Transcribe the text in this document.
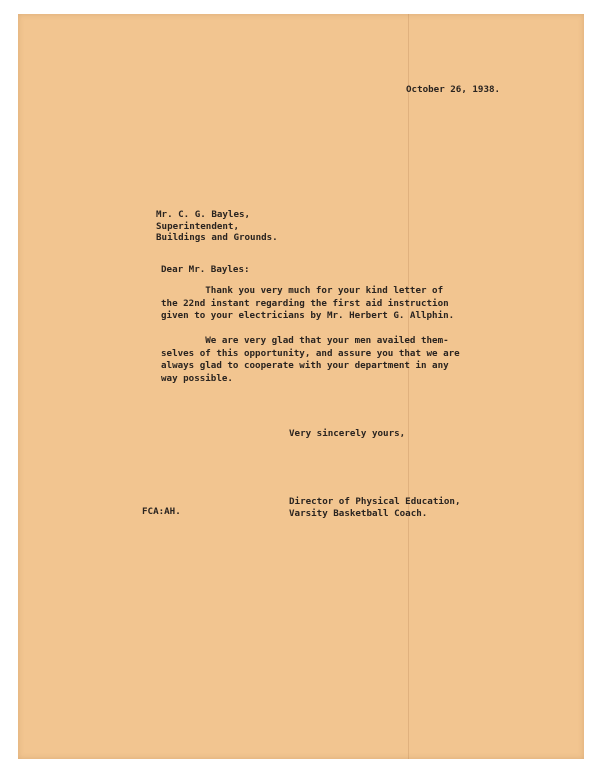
October 26, 1938.
Mr. C. G. Bayles,
Superintendent,
Buildings and Grounds.
Dear Mr. Bayles:
Thank you very much for your kind letter of
the 22nd instant regarding the first aid instruction
given to your electricians by Mr. Herbert G. Allphin.
We are very glad that your men availed them-
selves of this opportunity, and assure you that we are
always glad to cooperate with your department in any
way possible.
Very sincerely yours,
Director of Physical Education,
Varsity Basketball Coach.
FCA:AH.
